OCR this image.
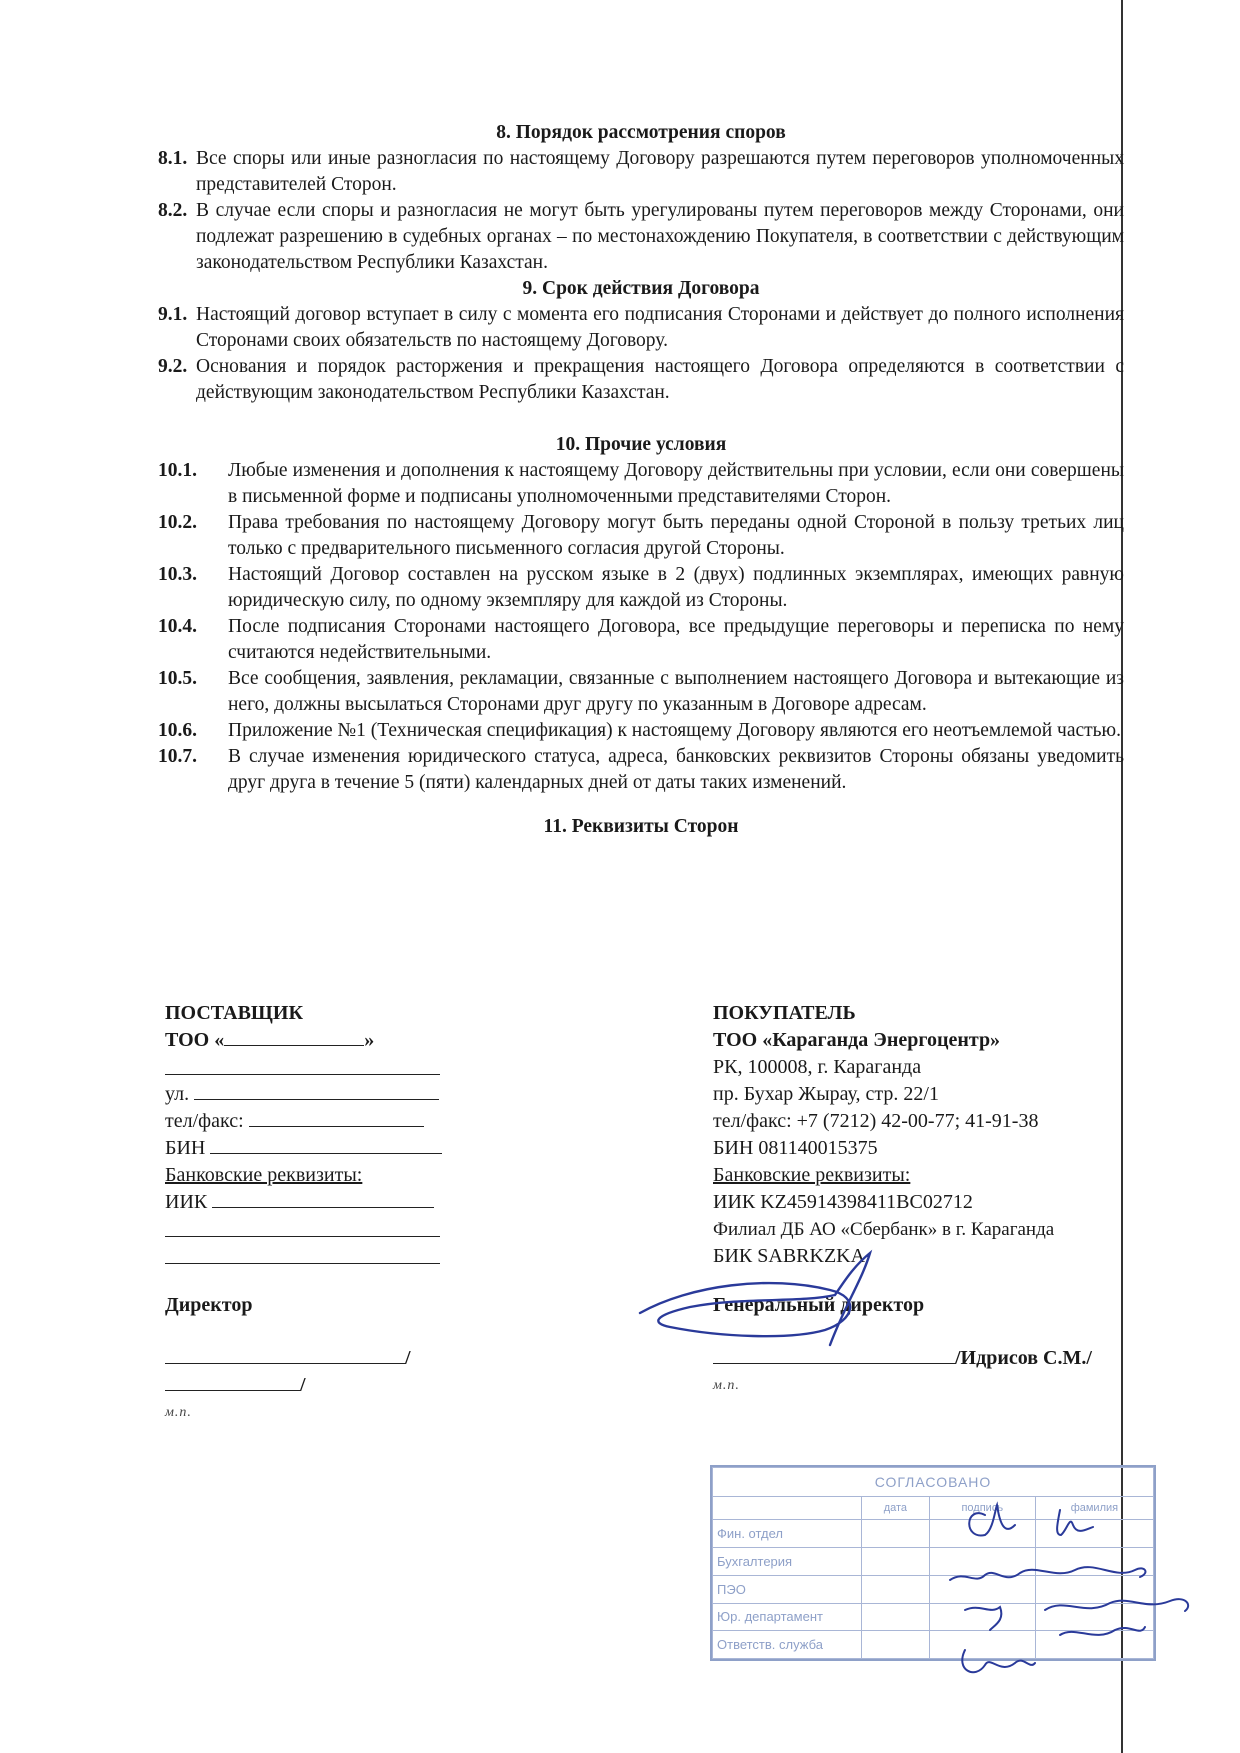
8. Порядок рассмотрения споров

8.1. Все споры или иные разногласия по настоящему Договору разрешаются путем переговоров уполномоченных представителей Сторон.
8.2. В случае если споры и разногласия не могут быть урегулированы путем переговоров между Сторонами, они подлежат разрешению в судебных органах – по местонахождению Покупателя, в соответствии с действующим законодательством Республики Казахстан.

9. Срок действия Договора

9.1. Настоящий договор вступает в силу с момента его подписания Сторонами и действует до полного исполнения Сторонами своих обязательств по настоящему Договору.
9.2. Основания и порядок расторжения и прекращения настоящего Договора определяются в соответствии с действующим законодательством Республики Казахстан.

10. Прочие условия

10.1.	Любые изменения и дополнения к настоящему Договору действительны при условии, если они совершены в письменной форме и подписаны уполномоченными представителями Сторон.
10.2.	Права требования по настоящему Договору могут быть переданы одной Стороной в пользу третьих лиц только с предварительного письменного согласия другой Стороны.
10.3.	Настоящий Договор составлен на русском языке в 2 (двух) подлинных экземплярах, имеющих равную юридическую силу, по одному экземпляру для каждой из Стороны.
10.4.	После подписания Сторонами настоящего Договора, все предыдущие переговоры и переписка по нему считаются недействительными.
10.5.	Все сообщения, заявления, рекламации, связанные с выполнением настоящего Договора и вытекающие из него, должны высылаться Сторонами друг другу по указанным в Договоре адресам.
10.6.	Приложение №1 (Техническая спецификация) к настоящему Договору являются его неотъемлемой частью.
10.7.	В случае изменения юридического статуса, адреса, банковских реквизитов Стороны обязаны уведомить друг друга в течение 5 (пяти) календарных дней от даты таких изменений.

11. Реквизиты Сторон

ПОСТАВЩИК
ТОО «	»
ул.
тел/факс:
БИН
Банковские реквизиты:
ИИК
Директор
//
м.п.
ПОКУПАТЕЛЬ
ТОО «Караганда Энергоцентр»
РК, 100008, г. Караганда
пр. Бухар Жырау, стр. 22/1
тел/факс: +7 (7212) 42-00-77; 41-91-38
БИН 081140015375
Банковские реквизиты:
ИИК KZ45914398411BC02712
Филиал ДБ АО «Сбербанк» в г. Караганда
БИК SABRKZKA
Генеральный директор
/Идрисов С.М./
м.п.
СОГЛАСОВАНО			
	дата	подпись	фамилия
Фин. отдел			
Бухгалтерия			
ПЭО			
Юр. департамент			
Ответств. служба			
